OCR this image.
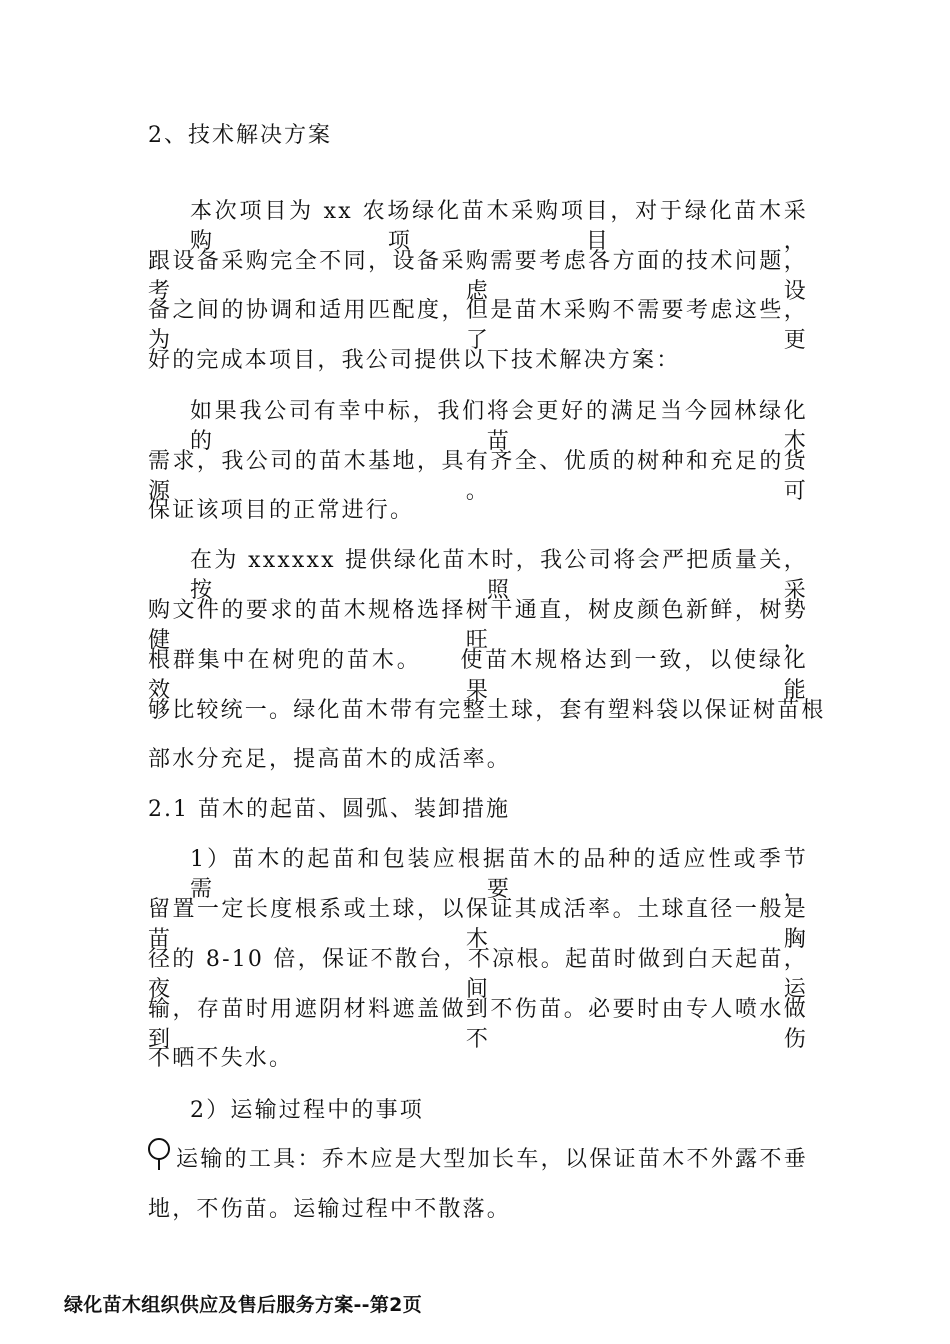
2、技术解决方案
本次项目为 xx 农场绿化苗木采购项目，对于绿化苗木采购项目，
跟设备采购完全不同，设备采购需要考虑各方面的技术问题，考虑设
备之间的协调和适用匹配度，但是苗木采购不需要考虑这些，为了更
好的完成本项目，我公司提供以下技术解决方案：
如果我公司有幸中标，我们将会更好的满足当今园林绿化的苗木
需求，我公司的苗木基地，具有齐全、优质的树种和充足的货源。可
保证该项目的正常进行。
在为 xxxxxx 提供绿化苗木时，我公司将会严把质量关，按照采
购文件的要求的苗木规格选择树干通直，树皮颜色新鲜，树势健旺，
根群集中在树兜的苗木。　　使苗木规格达到一致，以使绿化效果能
够比较统一。绿化苗木带有完整土球，套有塑料袋以保证树苗根
部水分充足，提高苗木的成活率。
2.1 苗木的起苗、圆弧、装卸措施
1）苗木的起苗和包装应根据苗木的品种的适应性或季节需要，
留置一定长度根系或土球，以保证其成活率。土球直径一般是苗木胸
径的 8-10 倍，保证不散台，不凉根。起苗时做到白天起苗，夜间运
输，存苗时用遮阴材料遮盖做到不伤苗。必要时由专人喷水做到不伤
不晒不失水。
2）运输过程中的事项
运输的工具：乔木应是大型加长车，以保证苗木不外露不垂
地，不伤苗。运输过程中不散落。
绿化苗木组织供应及售后服务方案--第2页
